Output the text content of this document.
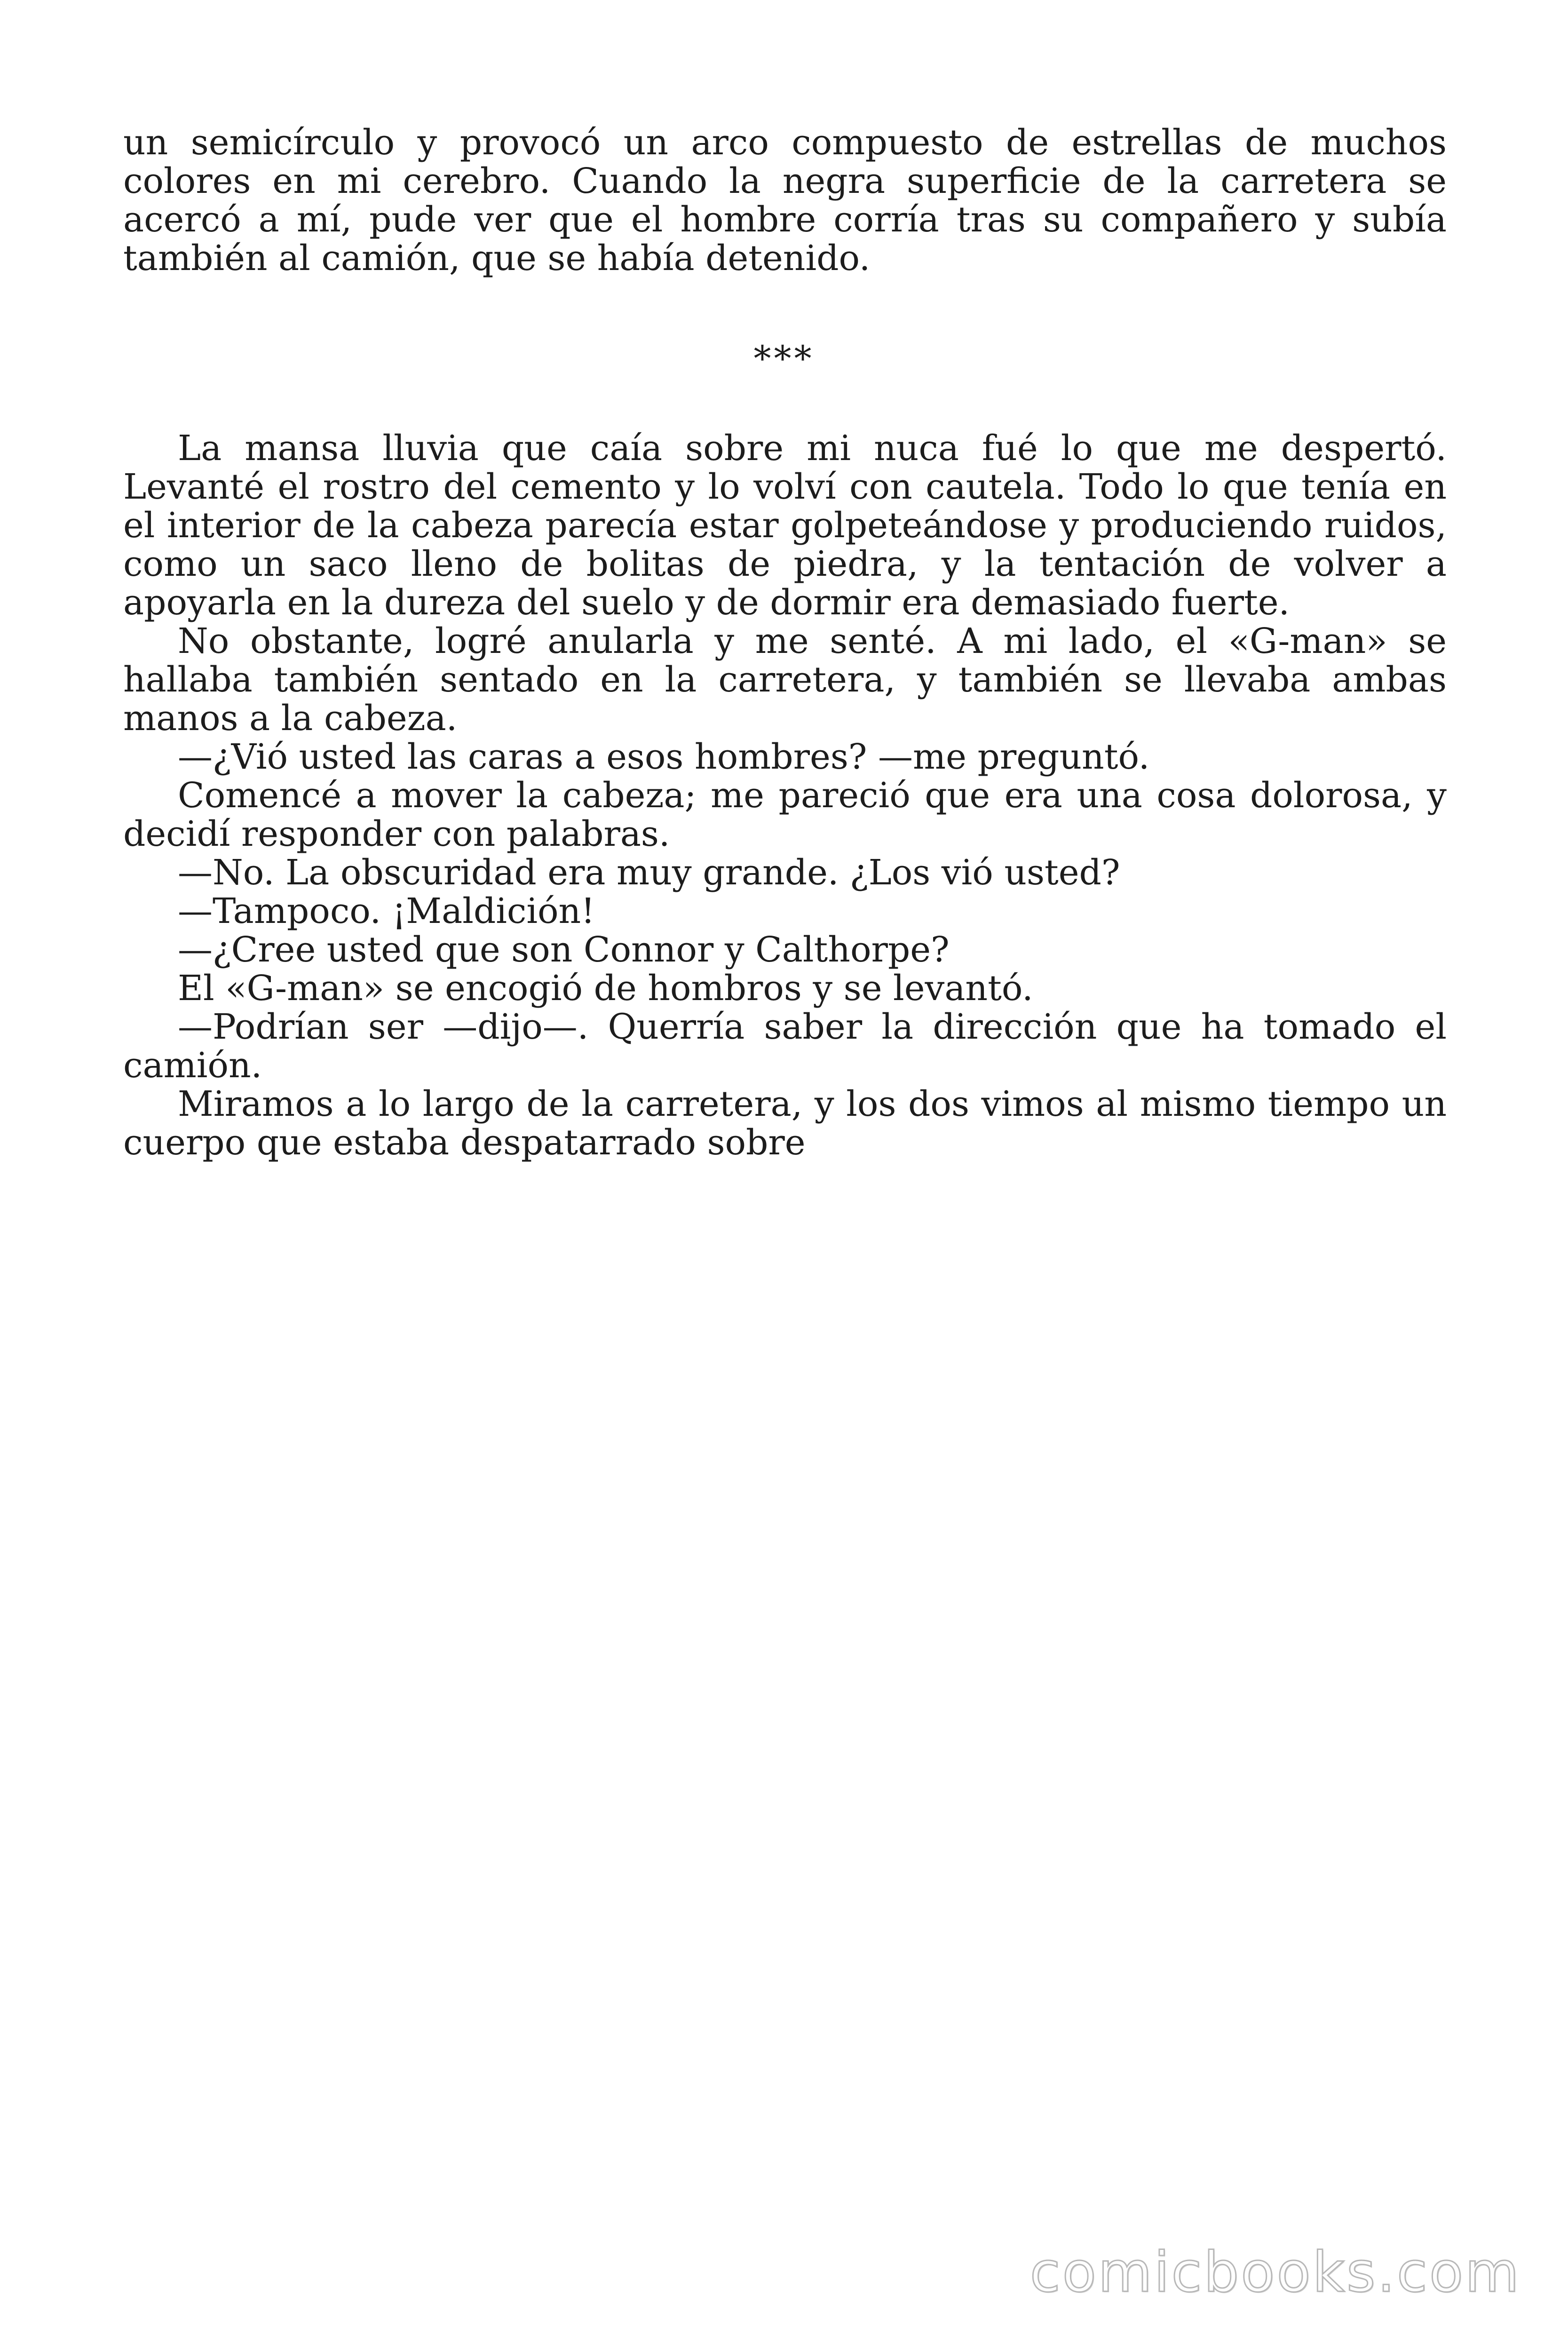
un semicírculo y provocó un arco compuesto de estrellas de muchos colores en mi cerebro. Cuando la negra superficie de la carretera se acercó a mí, pude ver que el hombre corría tras su compañero y subía también al camión, que se había detenido.

***

La mansa lluvia que caía sobre mi nuca fué lo que me despertó. Levanté el rostro del cemento y lo volví con cautela. Todo lo que tenía en el interior de la cabeza parecía estar golpeteándose y produciendo ruidos, como un saco lleno de bolitas de piedra, y la tentación de volver a apoyarla en la dureza del suelo y de dormir era demasiado fuerte.

No obstante, logré anularla y me senté. A mi lado, el «G-man» se hallaba también sentado en la carretera, y también se llevaba ambas manos a la cabeza.

—¿Vió usted las caras a esos hombres? —me preguntó.

Comencé a mover la cabeza; me pareció que era una cosa dolorosa, y decidí responder con palabras.

—No. La obscuridad era muy grande. ¿Los vió usted?

—Tampoco. ¡Maldición!

—¿Cree usted que son Connor y Calthorpe?

El «G-man» se encogió de hombros y se levantó.

—Podrían ser —dijo—. Querría saber la dirección que ha tomado el camión.

Miramos a lo largo de la carretera, y los dos vimos al mismo tiempo un cuerpo que estaba despatarrado sobre

comicbooks.com
